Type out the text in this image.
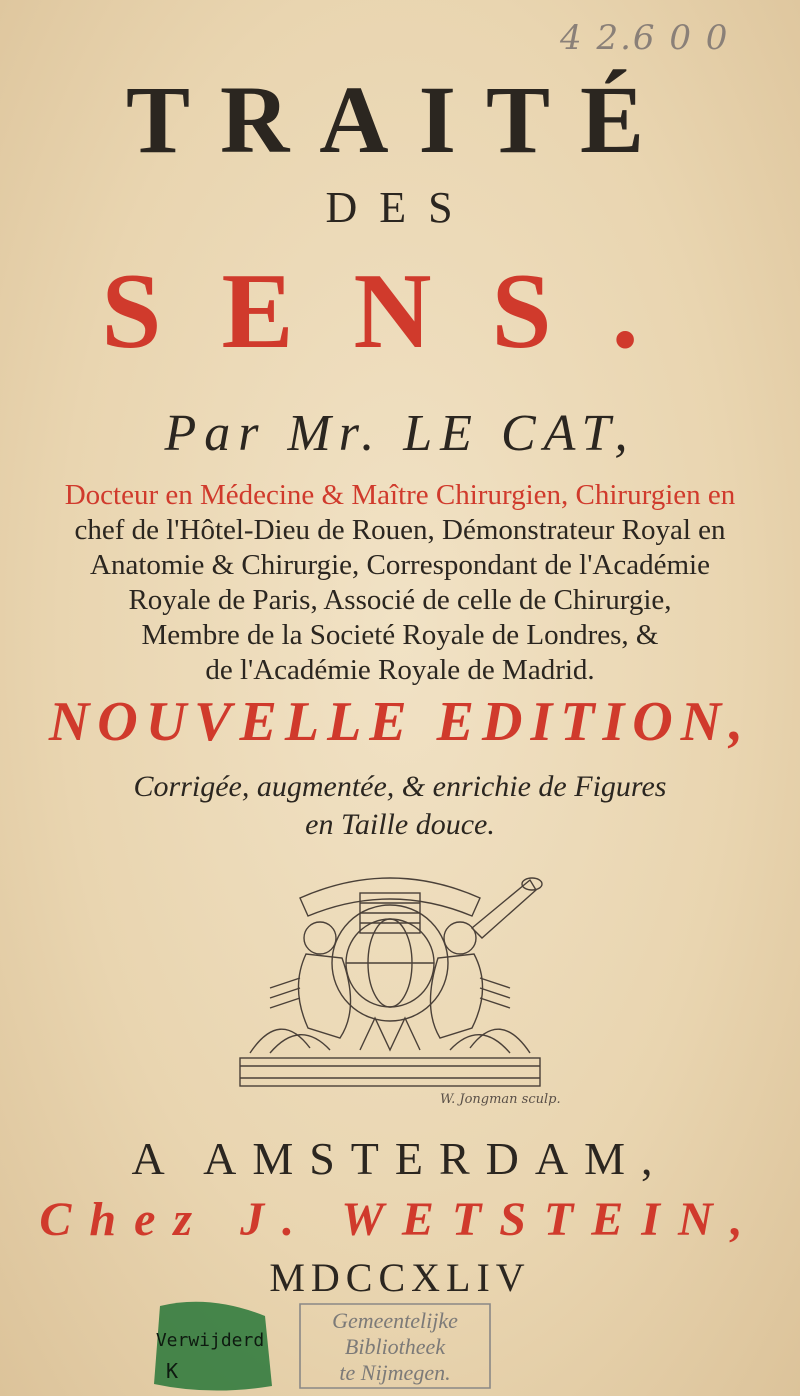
4 2.6 0 0
TRAITÉ
DES
SENS.
Par Mr. LE CAT,
Docteur en Médecine & Maître Chirurgien, Chirurgien en
chef de l'Hôtel-Dieu de Rouen, Démonstrateur Royal en
Anatomie & Chirurgie, Correspondant de l'Académie
Royale de Paris, Associé de celle de Chirurgie,
Membre de la Societé Royale de Londres, &
de l'Académie Royale de Madrid.
NOUVELLE EDITION,
Corrigée, augmentée, & enrichie de Figures
en Taille douce.
W. Jongman sculp.
A AMSTERDAM,
Chez J. WETSTEIN,
MDCCXLIV
Verwijderd
K
Gemeentelijke
Bibliotheek
te Nijmegen.
